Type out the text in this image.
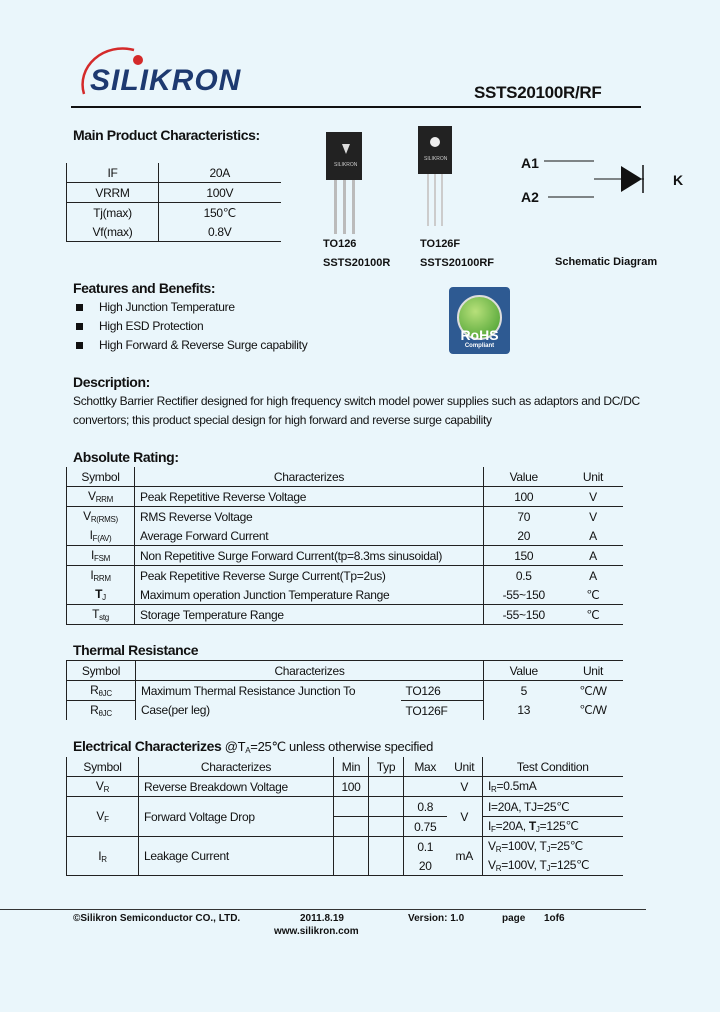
SILIKRON	SSTS20100R/RF
Main Product Characteristics:
IF	20A
VRRM	100V
Tj(max)	150℃
Vf(max)	0.8V
SILIKRON
SILIKRON
TO126
SSTS20100R
TO126F
SSTS20100RF
A1
A2
K
Schematic Diagram
RoHS
Compliant
Features and Benefits:
High Junction Temperature
High ESD Protection
High Forward & Reverse Surge capability
Description:
Schottky Barrier Rectifier designed for high frequency switch model power supplies such as adaptors and DC/DC
convertors; this product special design for high forward and reverse surge capability
Absolute Rating:
Symbol	Characterizes	Value	Unit
$V_{RRM}$	Peak Repetitive Reverse Voltage	100	V
$V_{R(RMS)}$	RMS Reverse Voltage	70	V
$I_{F(AV)}$	Average Forward Current	20	A
$I_{FSM}$	Non Repetitive Surge Forward Current(tp=8.3ms sinusoidal)	150	A
$I_{RRM}$	Peak Repetitive Reverse Surge Current(Tp=2us)	0.5	A
$T_J$	Maximum operation Junction Temperature Range	-55~150	℃
$T_{stg}$	Storage Temperature Range	-55~150	℃
Thermal Resistance
Symbol	Characterizes		Value	Unit
$R_{\theta JC}$	Maximum Thermal Resistance Junction To	TO126	5	℃/W
$R_{\theta JC}$	Case(per leg)	TO126F	13	℃/W
Electrical Characterizes $@T_A=25℃$ unless otherwise specified
Symbol	Characterizes	Min	Typ	Max	Unit	Test Condition
$V_R$	Reverse Breakdown Voltage	100			V	$I_R=0.5mA$
$V_F$	Forward Voltage Drop			0.8	V	I=20A, TJ=25℃
				0.75		$I_F=20A$, $T_J=125℃$
$I_R$	Leakage Current			0.1	mA	$V_R=100V$, $T_J=25℃$
				20		$V_R=100V$, $T_J=125℃$
©Silikron Semiconductor CO., LTD.	2011.8.19	Version: 1.0	page 1of6
www.silikron.com
